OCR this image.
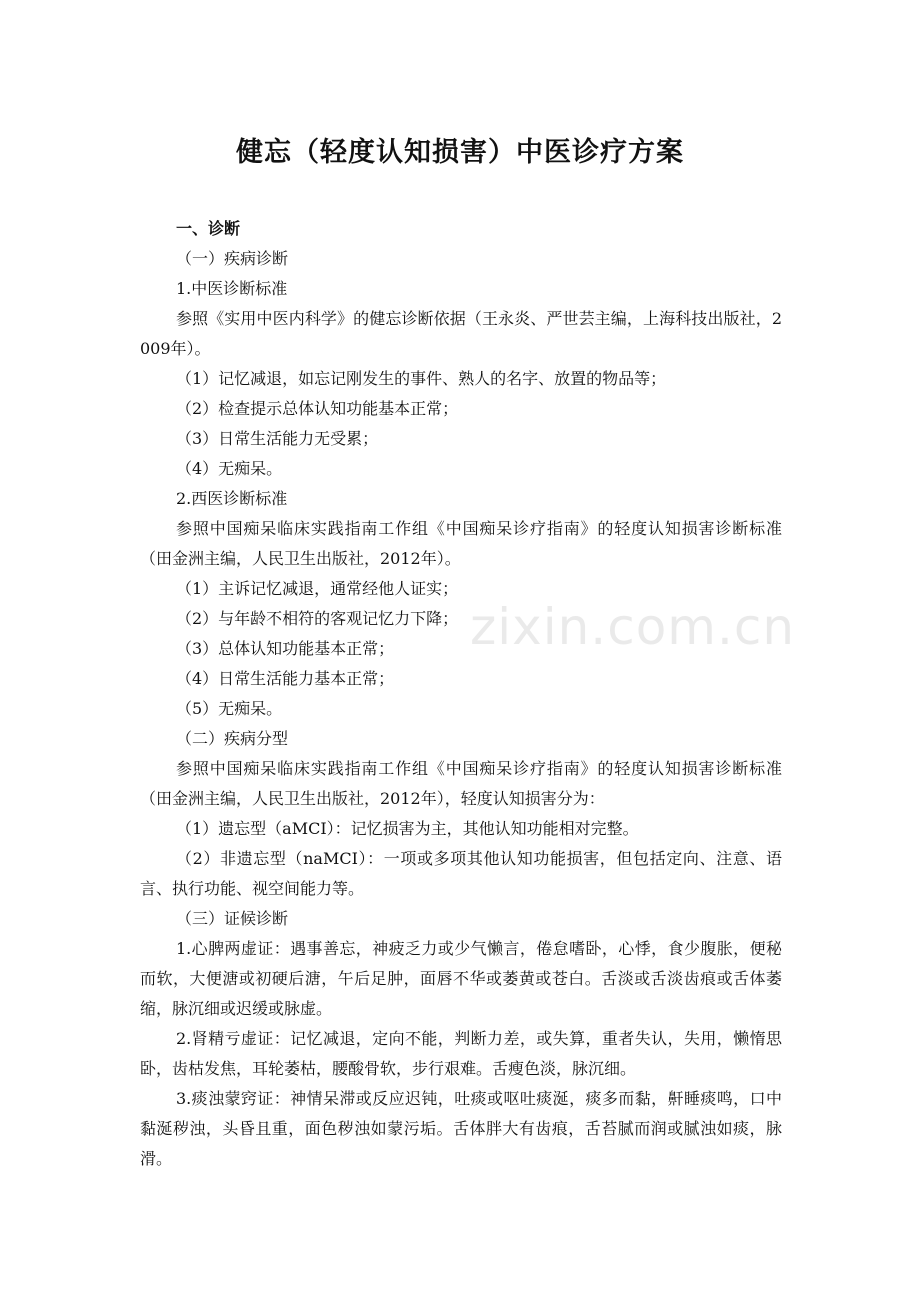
健忘（轻度认知损害）中医诊疗方案

一、诊断

（一）疾病诊断

1.中医诊断标准

参照《实用中医内科学》的健忘诊断依据（王永炎、严世芸主编，上海科技出版社，2009年）。

（1）记忆减退，如忘记刚发生的事件、熟人的名字、放置的物品等；

（2）检查提示总体认知功能基本正常；

（3）日常生活能力无受累；

（4）无痴呆。

2.西医诊断标准

参照中国痴呆临床实践指南工作组《中国痴呆诊疗指南》的轻度认知损害诊断标准（田金洲主编，人民卫生出版社，2012年）。

（1）主诉记忆减退，通常经他人证实；

（2）与年龄不相符的客观记忆力下降；

（3）总体认知功能基本正常；

（4）日常生活能力基本正常；

（5）无痴呆。

（二）疾病分型

参照中国痴呆临床实践指南工作组《中国痴呆诊疗指南》的轻度认知损害诊断标准（田金洲主编，人民卫生出版社，2012年），轻度认知损害分为：

（1）遗忘型（aMCI）：记忆损害为主，其他认知功能相对完整。

（2）非遗忘型（naMCI）：一项或多项其他认知功能损害，但包括定向、注意、语言、执行功能、视空间能力等。

（三）证候诊断

1.心脾两虚证：遇事善忘，神疲乏力或少气懒言，倦怠嗜卧，心悸，食少腹胀，便秘而软，大便溏或初硬后溏，午后足肿，面唇不华或萎黄或苍白。舌淡或舌淡齿痕或舌体萎缩，脉沉细或迟缓或脉虚。

2.肾精亏虚证：记忆减退，定向不能，判断力差，或失算，重者失认，失用，懒惰思卧，齿枯发焦，耳轮萎枯，腰酸骨软，步行艰难。舌瘦色淡，脉沉细。

3.痰浊蒙窍证：神情呆滞或反应迟钝，吐痰或呕吐痰涎，痰多而黏，鼾睡痰鸣，口中黏涎秽浊，头昏且重，面色秽浊如蒙污垢。舌体胖大有齿痕，舌苔腻而润或腻浊如痰，脉滑。

zixin.com.cn
